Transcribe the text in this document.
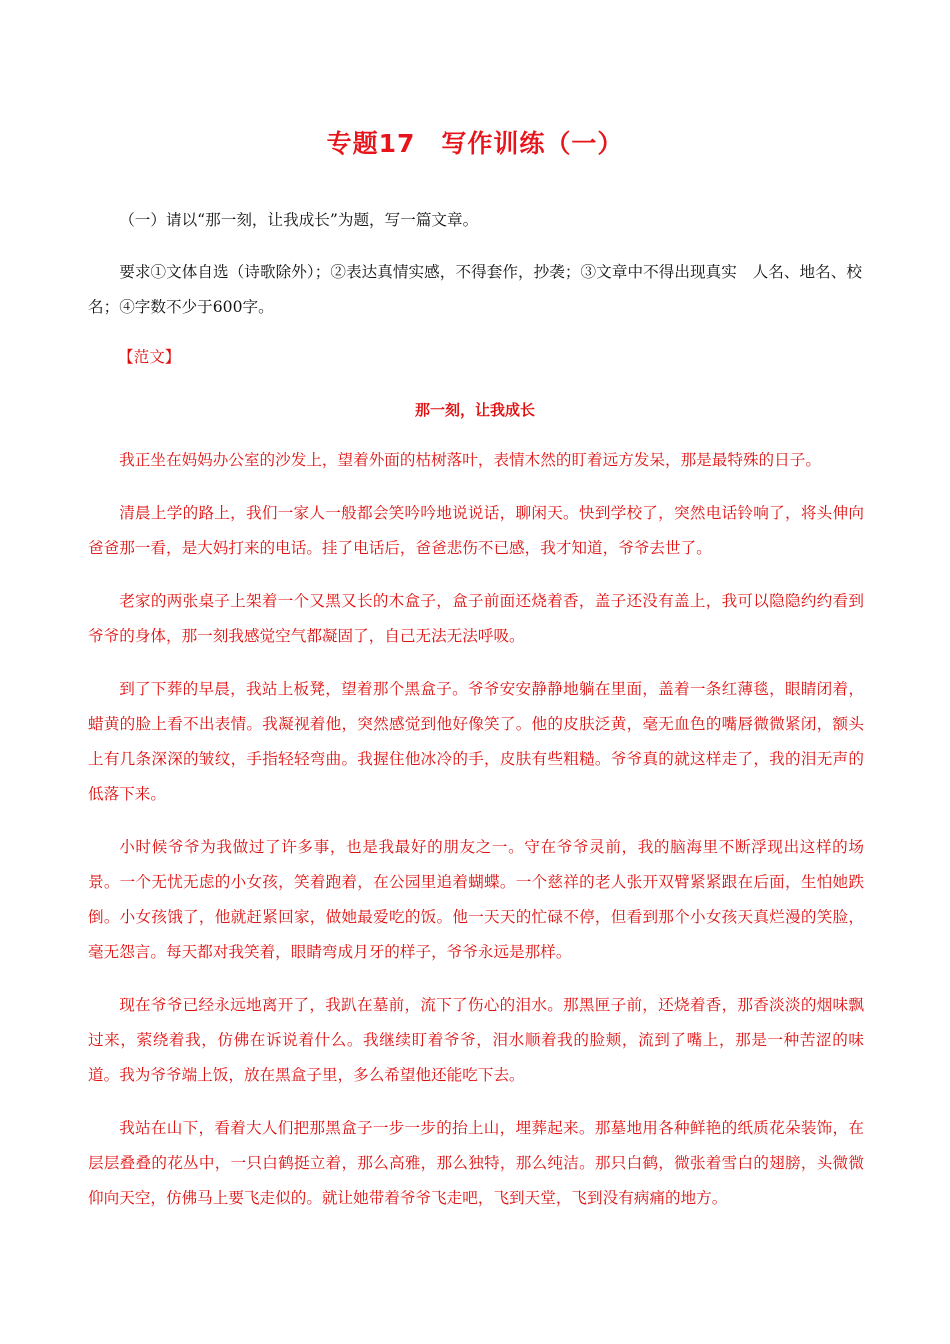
专题17　写作训练（一）

（一）请以“那一刻，让我成长”为题，写一篇文章。

要求①文体自选（诗歌除外）；②表达真情实感，不得套作，抄袭；③文章中不得出现真实　人名、地名、校名；④字数不少于600字。

【范文】

那一刻，让我成长

我正坐在妈妈办公室的沙发上，望着外面的枯树落叶，表情木然的盯着远方发呆，那是最特殊的日子。

清晨上学的路上，我们一家人一般都会笑吟吟地说说话，聊闲天。快到学校了，突然电话铃响了，将头伸向爸爸那一看，是大妈打来的电话。挂了电话后，爸爸悲伤不已感，我才知道，爷爷去世了。

老家的两张桌子上架着一个又黑又长的木盒子，盒子前面还烧着香，盖子还没有盖上，我可以隐隐约约看到爷爷的身体，那一刻我感觉空气都凝固了，自己无法无法呼吸。

到了下葬的早晨，我站上板凳，望着那个黑盒子。爷爷安安静静地躺在里面，盖着一条红薄毯，眼睛闭着，蜡黄的脸上看不出表情。我凝视着他，突然感觉到他好像笑了。他的皮肤泛黄，毫无血色的嘴唇微微紧闭，额头上有几条深深的皱纹，手指轻轻弯曲。我握住他冰冷的手，皮肤有些粗糙。爷爷真的就这样走了，我的泪无声的低落下来。

小时候爷爷为我做过了许多事，也是我最好的朋友之一。守在爷爷灵前，我的脑海里不断浮现出这样的场景。一个无忧无虑的小女孩，笑着跑着，在公园里追着蝴蝶。一个慈祥的老人张开双臂紧紧跟在后面，生怕她跌倒。小女孩饿了，他就赶紧回家，做她最爱吃的饭。他一天天的忙碌不停，但看到那个小女孩天真烂漫的笑脸，毫无怨言。每天都对我笑着，眼睛弯成月牙的样子，爷爷永远是那样。

现在爷爷已经永远地离开了，我趴在墓前，流下了伤心的泪水。那黑匣子前，还烧着香，那香淡淡的烟味飘过来，萦绕着我，仿佛在诉说着什么。我继续盯着爷爷，泪水顺着我的脸颊，流到了嘴上，那是一种苦涩的味道。我为爷爷端上饭，放在黑盒子里，多么希望他还能吃下去。

我站在山下，看着大人们把那黑盒子一步一步的抬上山，埋葬起来。那墓地用各种鲜艳的纸质花朵装饰，在层层叠叠的花丛中，一只白鹤挺立着，那么高雅，那么独特，那么纯洁。那只白鹤，微张着雪白的翅膀，头微微仰向天空，仿佛马上要飞走似的。就让她带着爷爷飞走吧，飞到天堂，飞到没有病痛的地方。
